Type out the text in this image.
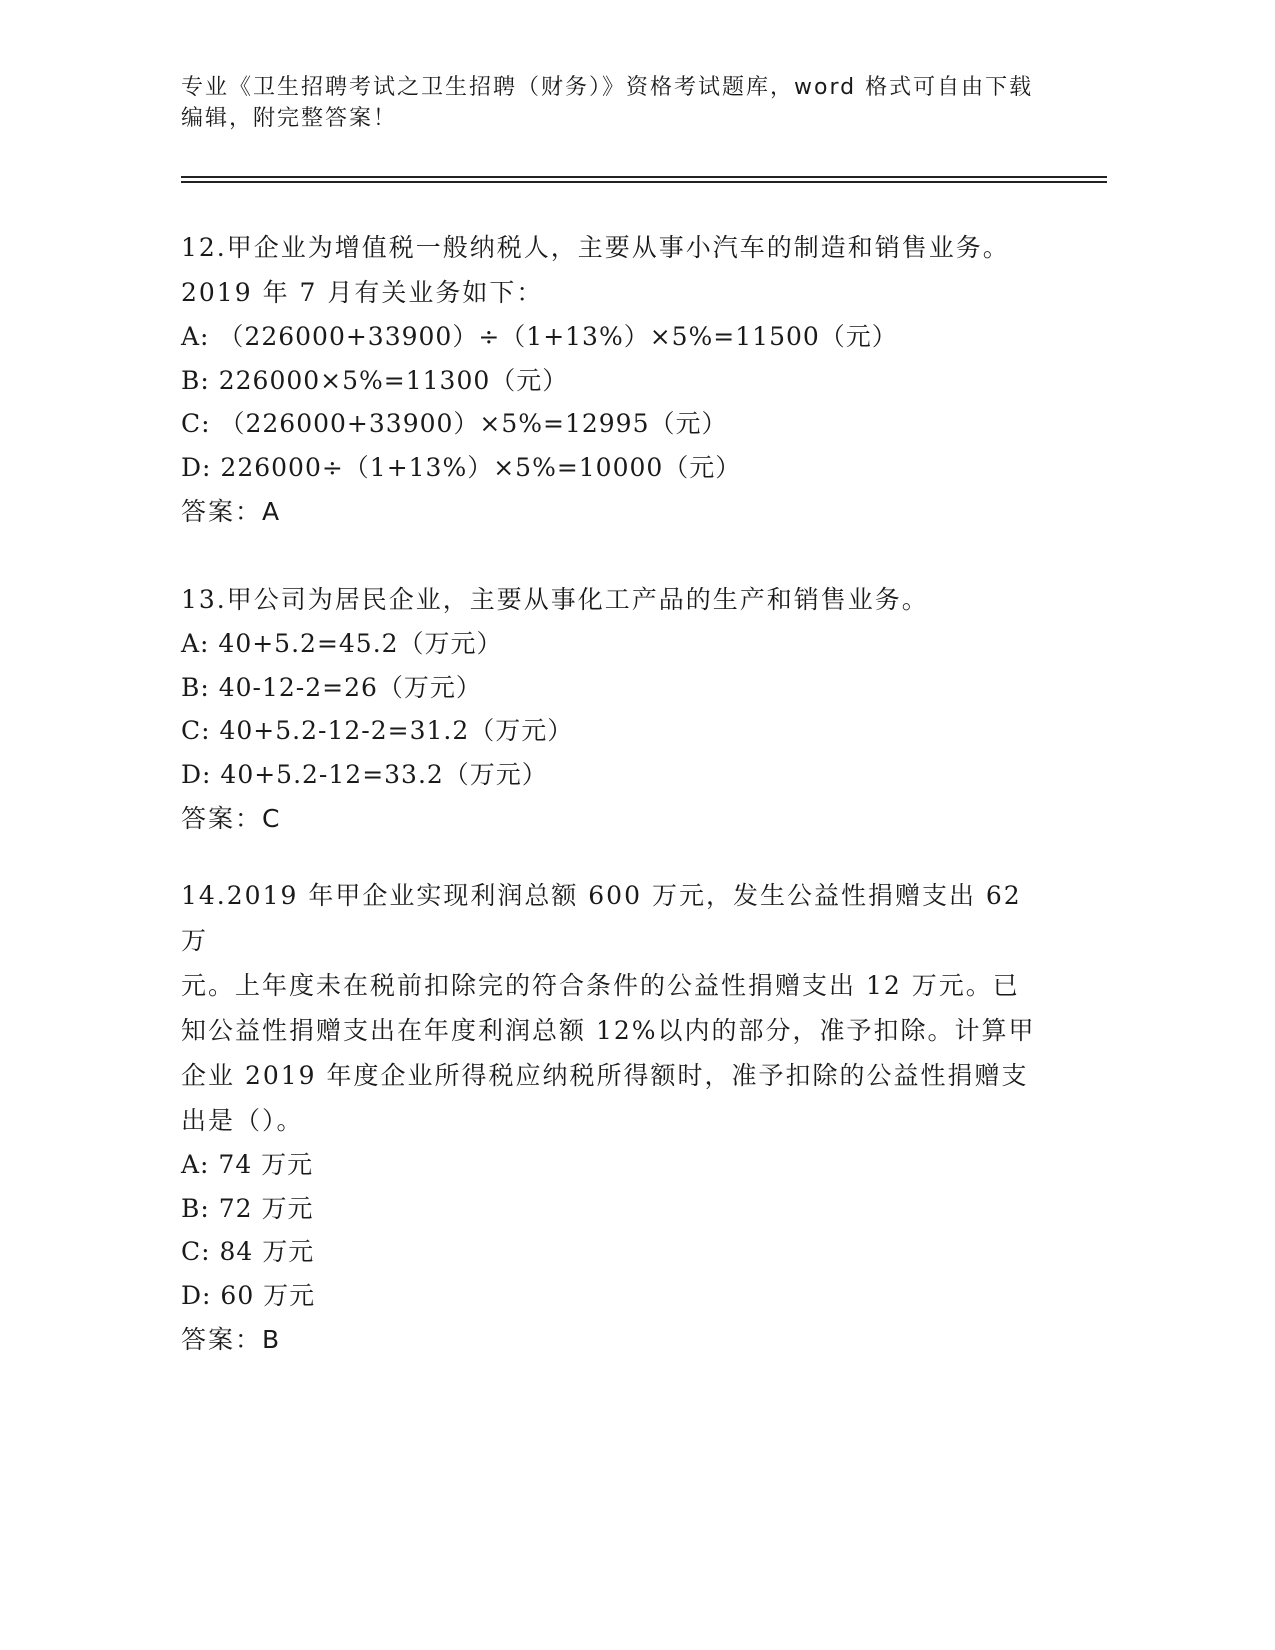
专业《卫生招聘考试之卫生招聘（财务）》资格考试题库，word 格式可自由下载
编辑，附完整答案！

12.甲企业为增值税一般纳税人，主要从事小汽车的制造和销售业务。

2019 年 7 月有关业务如下：

A: （226000+33900）÷（1+13%）×5%=11500（元）

B: 226000×5%=11300（元）

C: （226000+33900）×5%=12995（元）

D: 226000÷（1+13%）×5%=10000（元）

答案：A

13.甲公司为居民企业，主要从事化工产品的生产和销售业务。

A: 40+5.2=45.2（万元）

B: 40-12-2=26（万元）

C: 40+5.2-12-2=31.2（万元）

D: 40+5.2-12=33.2（万元）

答案：C

14.2019 年甲企业实现利润总额 600 万元，发生公益性捐赠支出 62 万

元。上年度未在税前扣除完的符合条件的公益性捐赠支出 12 万元。已

知公益性捐赠支出在年度利润总额 12%以内的部分，准予扣除。计算甲

企业 2019 年度企业所得税应纳税所得额时，准予扣除的公益性捐赠支

出是（）。

A: 74 万元

B: 72 万元

C: 84 万元

D: 60 万元

答案：B
